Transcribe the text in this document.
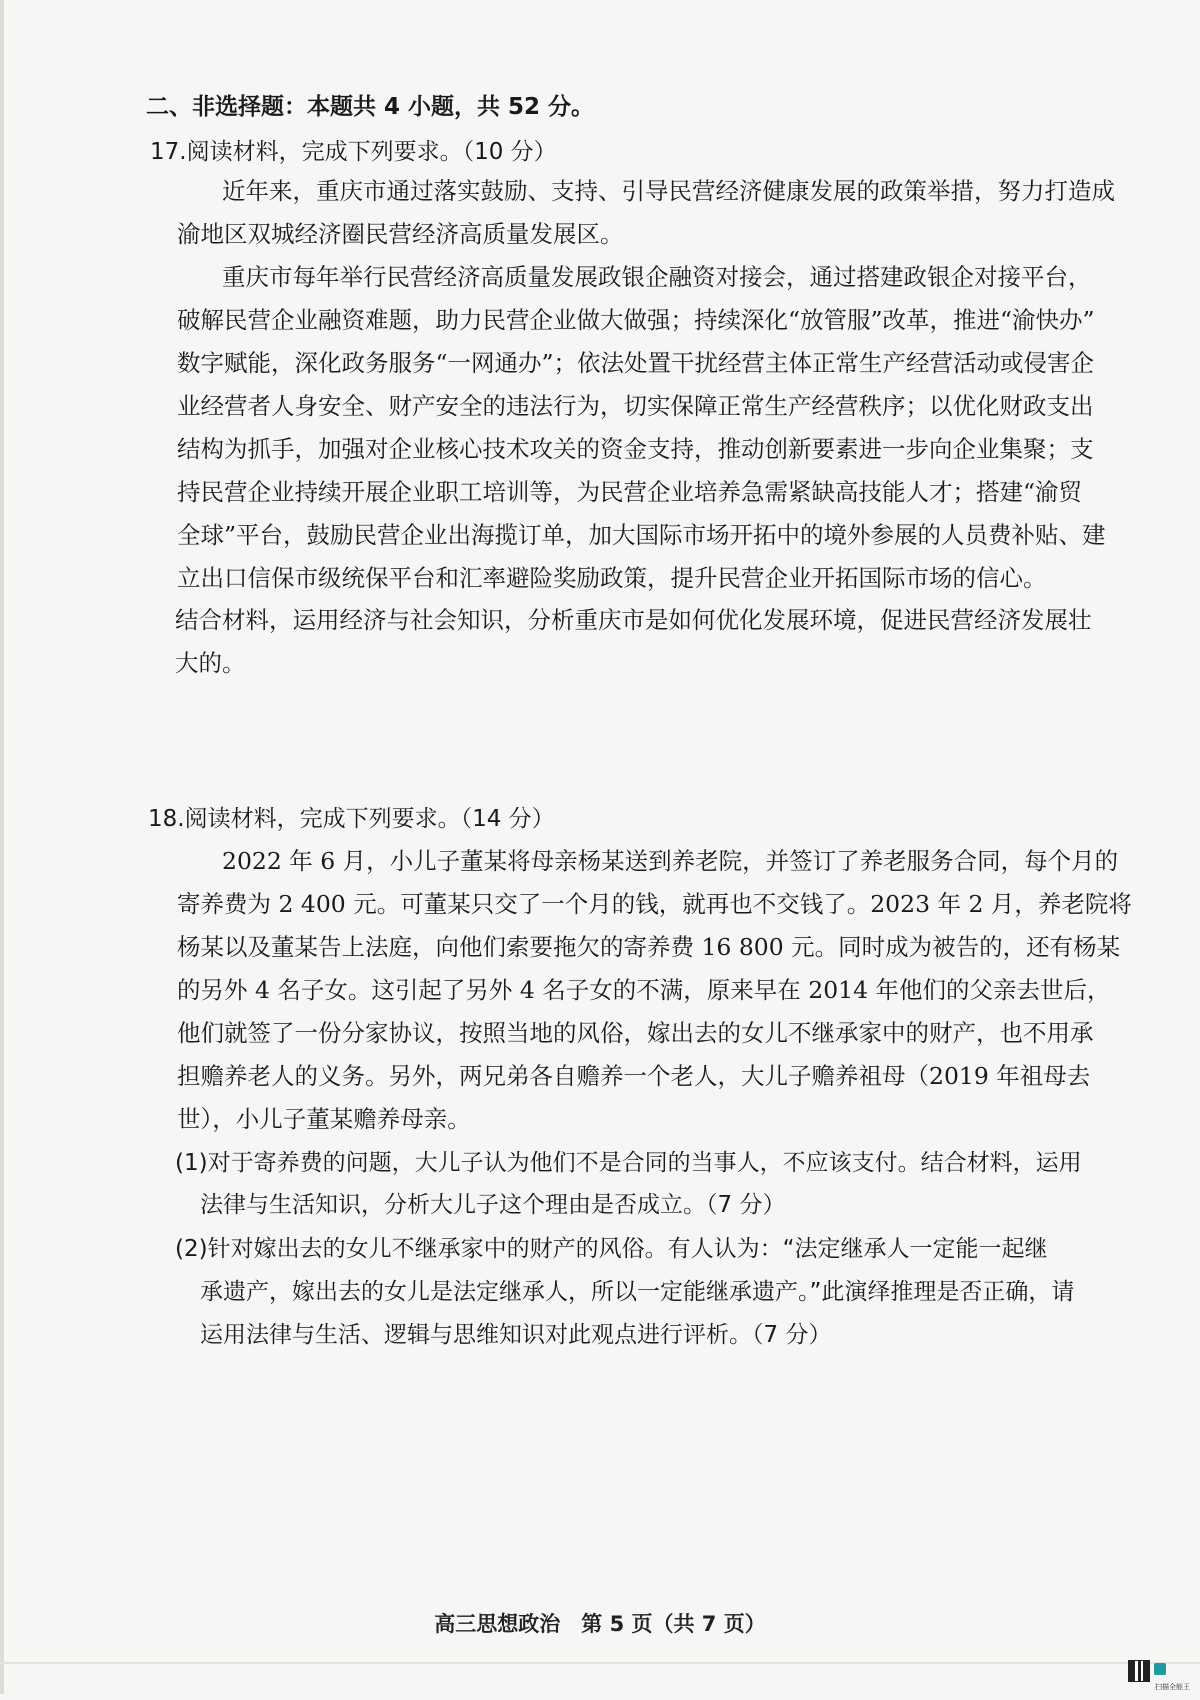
二、非选择题：本题共 4 小题，共 52 分。
17.阅读材料，完成下列要求。（10 分）
近年来，重庆市通过落实鼓励、支持、引导民营经济健康发展的政策举措，努力打造成
渝地区双城经济圈民营经济高质量发展区。
重庆市每年举行民营经济高质量发展政银企融资对接会，通过搭建政银企对接平台，
破解民营企业融资难题，助力民营企业做大做强；持续深化“放管服”改革，推进“渝快办”
数字赋能，深化政务服务“一网通办”；依法处置干扰经营主体正常生产经营活动或侵害企
业经营者人身安全、财产安全的违法行为，切实保障正常生产经营秩序；以优化财政支出
结构为抓手，加强对企业核心技术攻关的资金支持，推动创新要素进一步向企业集聚；支
持民营企业持续开展企业职工培训等，为民营企业培养急需紧缺高技能人才；搭建“渝贸
全球”平台，鼓励民营企业出海揽订单，加大国际市场开拓中的境外参展的人员费补贴、建
立出口信保市级统保平台和汇率避险奖励政策，提升民营企业开拓国际市场的信心。
结合材料，运用经济与社会知识，分析重庆市是如何优化发展环境，促进民营经济发展壮
大的。
18.阅读材料，完成下列要求。（14 分）
2022 年 6 月，小儿子董某将母亲杨某送到养老院，并签订了养老服务合同，每个月的
寄养费为 2 400 元。可董某只交了一个月的钱，就再也不交钱了。2023 年 2 月，养老院将
杨某以及董某告上法庭，向他们索要拖欠的寄养费 16 800 元。同时成为被告的，还有杨某
的另外 4 名子女。这引起了另外 4 名子女的不满，原来早在 2014 年他们的父亲去世后，
他们就签了一份分家协议，按照当地的风俗，嫁出去的女儿不继承家中的财产，也不用承
担赡养老人的义务。另外，两兄弟各自赡养一个老人，大儿子赡养祖母（2019 年祖母去
世），小儿子董某赡养母亲。
(1)对于寄养费的问题，大儿子认为他们不是合同的当事人，不应该支付。结合材料，运用
法律与生活知识，分析大儿子这个理由是否成立。（7 分）
(2)针对嫁出去的女儿不继承家中的财产的风俗。有人认为：“法定继承人一定能一起继
承遗产，嫁出去的女儿是法定继承人，所以一定能继承遗产。”此演绎推理是否正确，请
运用法律与生活、逻辑与思维知识对此观点进行评析。（7 分）
高三思想政治　第 5 页（共 7 页）
扫描全能王
